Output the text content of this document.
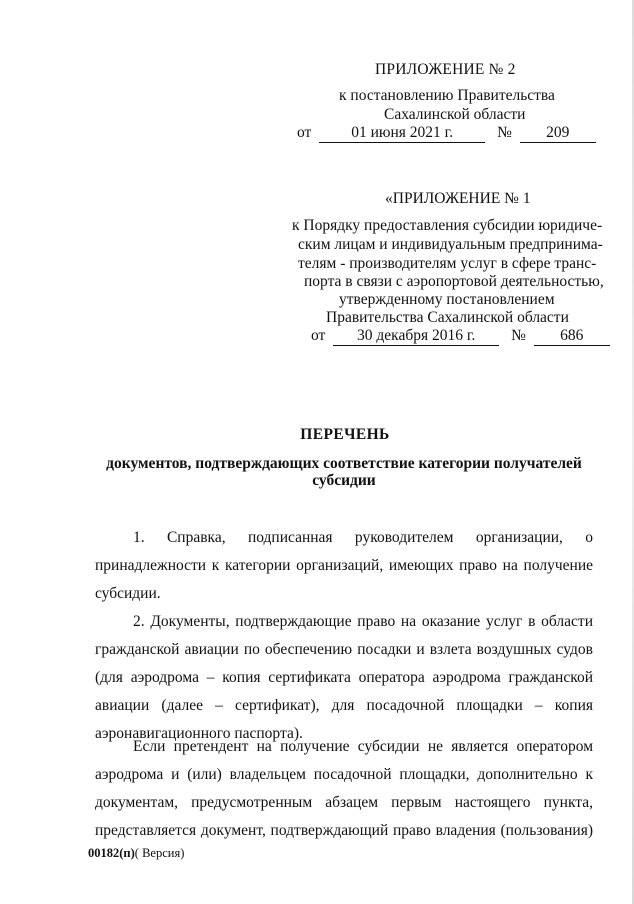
ПРИЛОЖЕНИЕ № 2
к постановлению Правительства
Сахалинской области
от	01 июня 2021 г.	№ 209
«ПРИЛОЖЕНИЕ № 1
к Порядку предоставления субсидии юридиче-
ским лицам и индивидуальным предпринима-
телям - производителям услуг в сфере транс-
порта в связи с аэропортовой деятельностью,
утвержденному постановлением
Правительства Сахалинской области
от 30 декабря 2016 г. № 686
ПЕРЕЧЕНЬ
документов, подтверждающих соответствие категории получателей
субсидии
1. Справка, подписанная руководителем организации, о
принадлежности к категории организаций, имеющих право на получение
субсидии.
2. Документы, подтверждающие право на оказание услуг в области
гражданской авиации по обеспечению посадки и взлета воздушных судов
(для аэродрома – копия сертификата оператора аэродрома гражданской
авиации (далее – сертификат), для посадочной площадки – копия
аэронавигационного паспорта).
Если претендент на получение субсидии не является оператором
аэродрома и (или) владельцем посадочной площадки, дополнительно к
документам, предусмотренным абзацем первым настоящего пункта,
представляется документ, подтверждающий право владения (пользования)
00182(п)( Версия)
